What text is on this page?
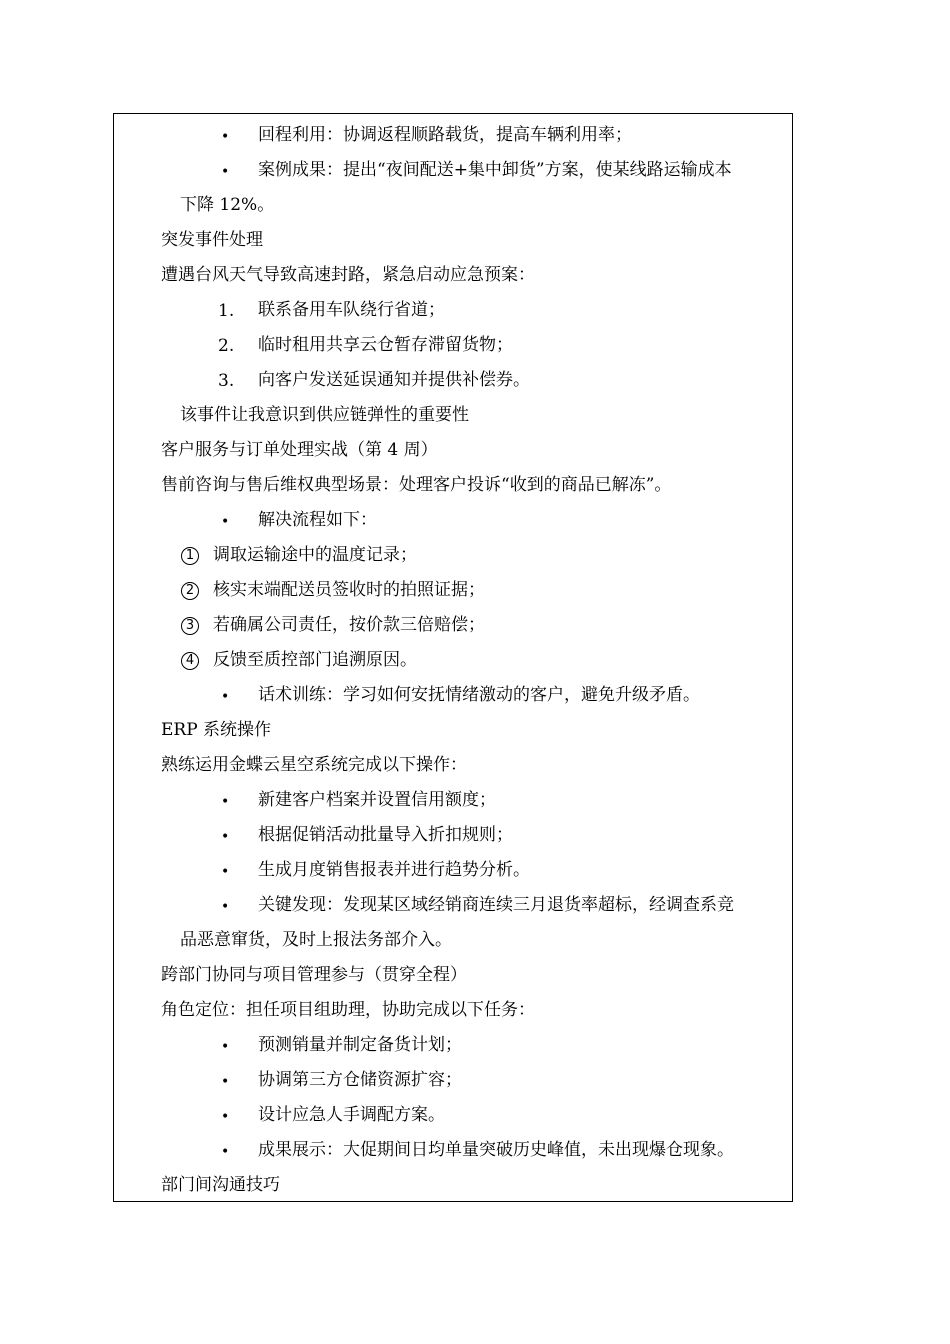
•
•
•
•
•
•
•
•
•
•
•
•
1.
2.
3.
1
2
3
4
回程利用：协调返程顺路载货，提高车辆利用率；
案例成果：提出“夜间配送+集中卸货”方案，使某线路运输成本
下降 12%。
突发事件处理
遭遇台风天气导致高速封路，紧急启动应急预案：
联系备用车队绕行省道；
临时租用共享云仓暂存滞留货物；
向客户发送延误通知并提供补偿券。
该事件让我意识到供应链弹性的重要性
客户服务与订单处理实战（第 4 周）
售前咨询与售后维权典型场景：处理客户投诉“收到的商品已解冻”。
解决流程如下：
调取运输途中的温度记录；
核实末端配送员签收时的拍照证据；
若确属公司责任，按价款三倍赔偿；
反馈至质控部门追溯原因。
话术训练：学习如何安抚情绪激动的客户，避免升级矛盾。
ERP 系统操作
熟练运用金蝶云星空系统完成以下操作：
新建客户档案并设置信用额度；
根据促销活动批量导入折扣规则；
生成月度销售报表并进行趋势分析。
关键发现：发现某区域经销商连续三月退货率超标，经调查系竞
品恶意窜货，及时上报法务部介入。
跨部门协同与项目管理参与（贯穿全程）
角色定位：担任项目组助理，协助完成以下任务：
预测销量并制定备货计划；
协调第三方仓储资源扩容；
设计应急人手调配方案。
成果展示：大促期间日均单量突破历史峰值，未出现爆仓现象。
部门间沟通技巧
